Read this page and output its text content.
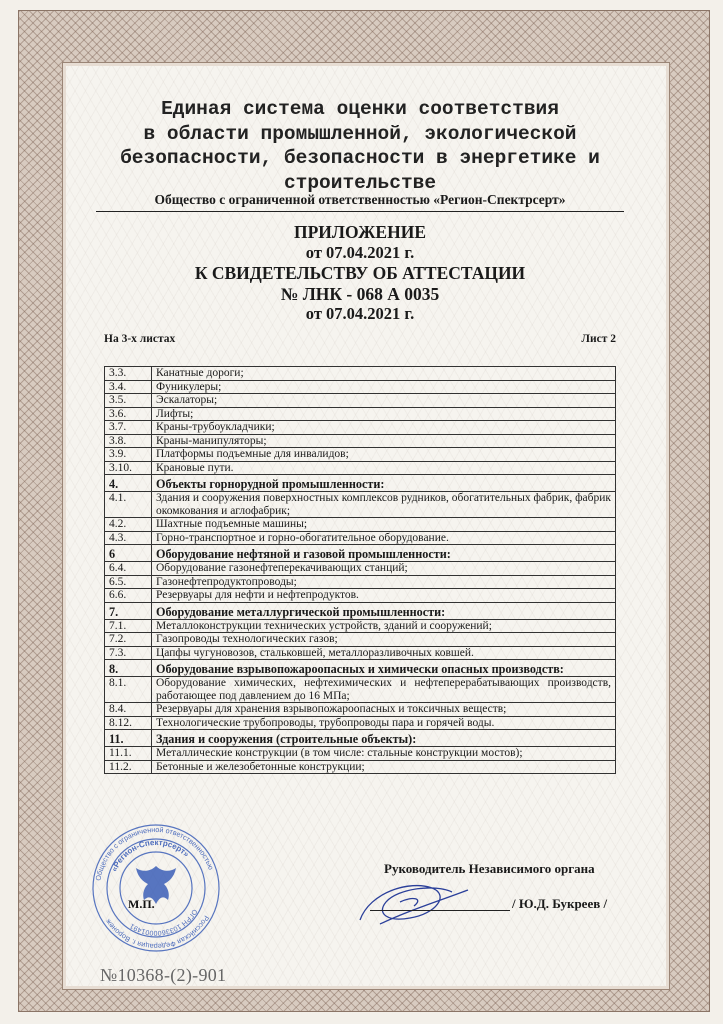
Единая система оценки соответствия
в области промышленной, экологической
безопасности, безопасности в энергетике и
строительстве
Общество с ограниченной ответственностью «Регион-Спектрсерт»
ПРИЛОЖЕНИЕ
от 07.04.2021 г.
К СВИДЕТЕЛЬСТВУ ОБ АТТЕСТАЦИИ
№ ЛНК - 068 А 0035
от 07.04.2021 г.
На 3-х листах	Лист 2
3.3.	Канатные дороги;
3.4.	Фуникулеры;
3.5.	Эскалаторы;
3.6.	Лифты;
3.7.	Краны-трубоукладчики;
3.8.	Краны-манипуляторы;
3.9.	Платформы подъемные для инвалидов;
3.10.	Крановые пути.
4.	Объекты горнорудной промышленности:
4.1.	Здания и сооружения поверхностных комплексов рудников, обогатительных фабрик, фабрик окомкования и аглофабрик;
4.2.	Шахтные подъемные машины;
4.3.	Горно-транспортное и горно-обогатительное оборудование.
6	Оборудование нефтяной и газовой промышленности:
6.4.	Оборудование газонефтеперекачивающих станций;
6.5.	Газонефтепродуктопроводы;
6.6.	Резервуары для нефти и нефтепродуктов.
7.	Оборудование металлургической промышленности:
7.1.	Металлоконструкции технических устройств, зданий и сооружений;
7.2.	Газопроводы технологических газов;
7.3.	Цапфы чугуновозов, стальковшей, металлоразливочных ковшей.
8.	Оборудование взрывопожароопасных и химически опасных производств:
8.1.	Оборудование химических, нефтехимических и нефтеперерабатывающих производств, работающее под давлением до 16 МПа;
8.4.	Резервуары для хранения взрывопожароопасных и токсичных веществ;
8.12.	Технологические трубопроводы, трубопроводы пара и горячей воды.
11.	Здания и сооружения (строительные объекты):
11.1.	Металлические конструкции (в том числе: стальные конструкции мостов);
11.2.	Бетонные и железобетонные конструкции;
Общество с ограниченной ответственностью
Российская Федерация г. Воронеж
«Регион-Спектрсерт»
ОГРН 1033600001491
М.П.
Руководитель Независимого органа
/ Ю.Д. Букреев /
№10368-(2)-901
